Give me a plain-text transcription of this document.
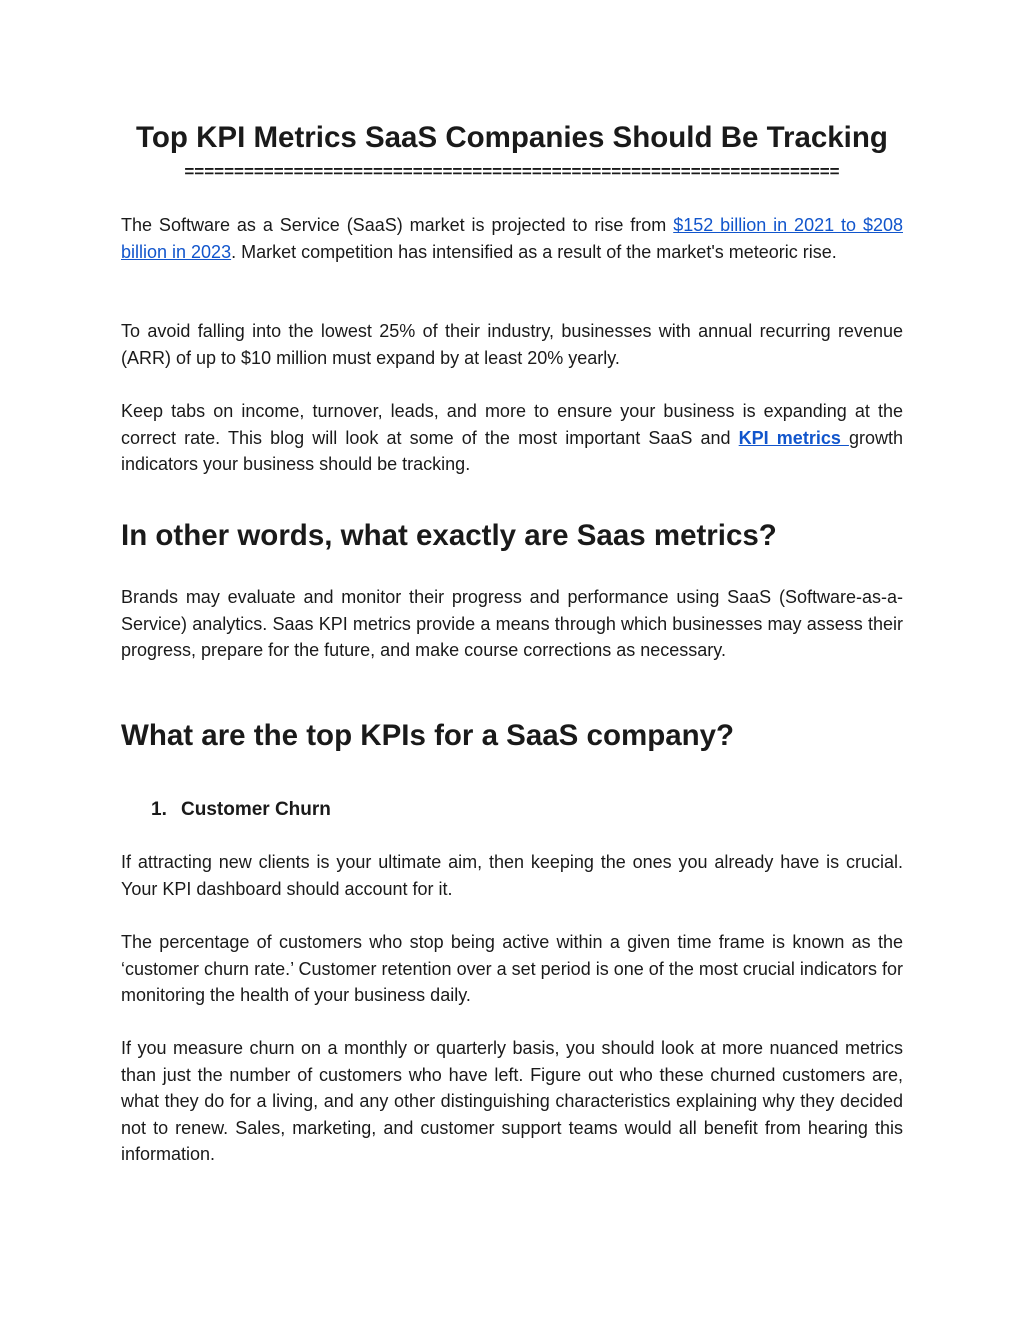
Top KPI Metrics SaaS Companies Should Be Tracking
==================================================================

The Software as a Service (SaaS) market is projected to rise from $152 billion in 2021 to $208 billion in 2023. Market competition has intensified as a result of the market's meteoric rise.

To avoid falling into the lowest 25% of their industry, businesses with annual recurring revenue (ARR) of up to $10 million must expand by at least 20% yearly.

Keep tabs on income, turnover, leads, and more to ensure your business is expanding at the correct rate. This blog will look at some of the most important SaaS and KPI metrics growth indicators your business should be tracking.

In other words, what exactly are Saas metrics?

Brands may evaluate and monitor their progress and performance using SaaS (Software-as-a-Service) analytics. Saas KPI metrics provide a means through which businesses may assess their progress, prepare for the future, and make course corrections as necessary.

What are the top KPIs for a SaaS company?
1. Customer Churn

If attracting new clients is your ultimate aim, then keeping the ones you already have is crucial. Your KPI dashboard should account for it.

The percentage of customers who stop being active within a given time frame is known as the ‘customer churn rate.’ Customer retention over a set period is one of the most crucial indicators for monitoring the health of your business daily.

If you measure churn on a monthly or quarterly basis, you should look at more nuanced metrics than just the number of customers who have left. Figure out who these churned customers are, what they do for a living, and any other distinguishing characteristics explaining why they decided not to renew. Sales, marketing, and customer support teams would all benefit from hearing this information.
